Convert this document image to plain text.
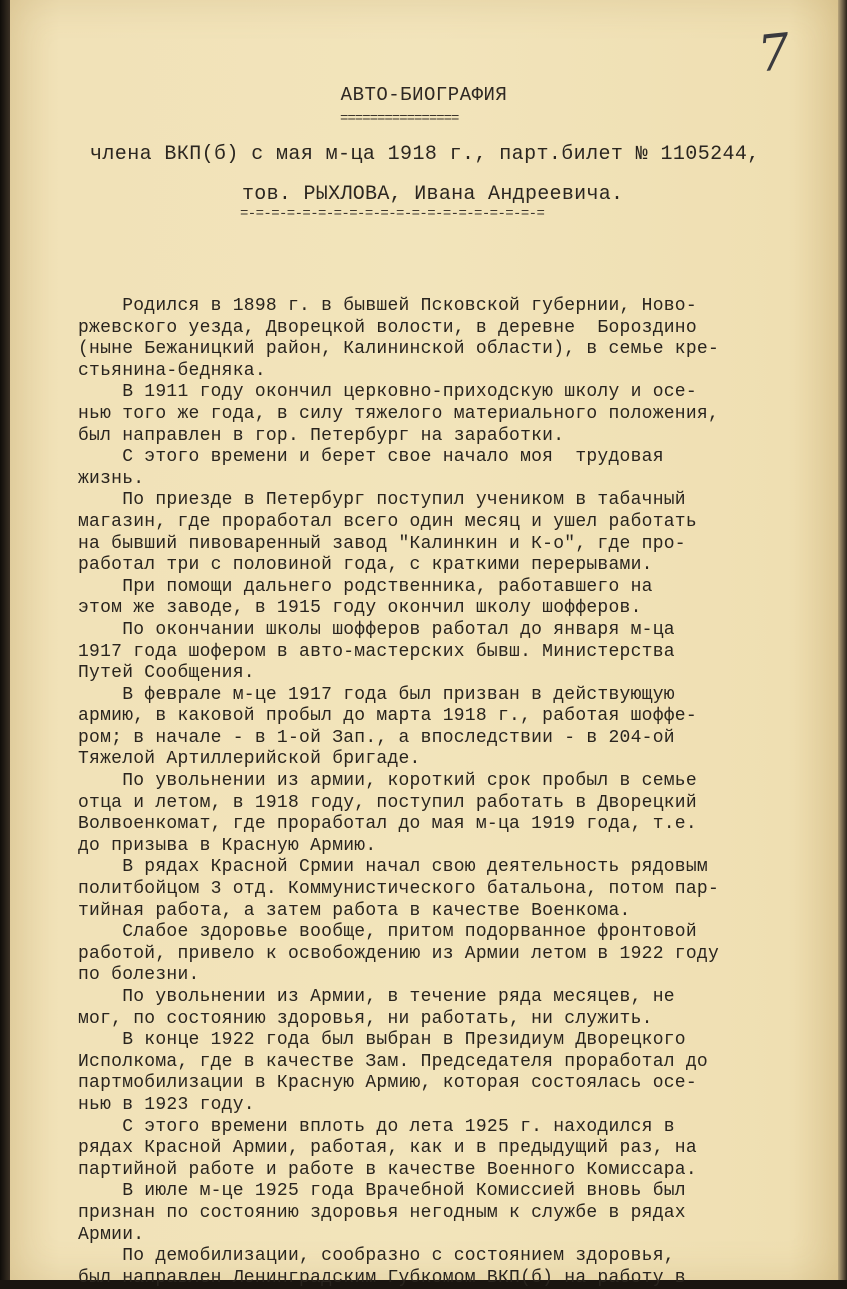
7
АВТО-БИОГРАФИЯ
================
члена ВКП(б) с мая м-ца 1918 г., парт.билет № 1105244,
тов. РЫХЛОВА, Ивана Андреевича.
=-=-=-=-=-=-=-=-=-=-=-=-=-=-=-=-=-=-=-=
Родился в 1898 г. в бывшей Псковской губернии, Ново-
ржевского уезда, Дворецкой волости, в деревне  Бороздино
(ныне Бежаницкий район, Калининской области), в семье кре-
стьянина-бедняка.
В 1911 году окончил церковно-приходскую школу и осе-
нью того же года, в силу тяжелого материального положения,
был направлен в гор. Петербург на заработки.
С этого времени и берет свое начало моя  трудовая
жизнь.
По приезде в Петербург поступил учеником в табачный
магазин, где проработал всего один месяц и ушел работать
на бывший пивоваренный завод "Калинкин и К-о", где про-
работал три с половиной года, с краткими перерывами.
При помощи дальнего родственника, работавшего на
этом же заводе, в 1915 году окончил школу шофферов.
По окончании школы шофферов работал до января м-ца
1917 года шофером в авто-мастерских бывш. Министерства
Путей Сообщения.
В феврале м-це 1917 года был призван в действующую
армию, в каковой пробыл до марта 1918 г., работая шоффе-
ром; в начале - в 1-ой Зап., а впоследствии - в 204-ой
Тяжелой Артиллерийской бригаде.
По увольнении из армии, короткий срок пробыл в семье
отца и летом, в 1918 году, поступил работать в Дворецкий
Волвоенкомат, где проработал до мая м-ца 1919 года, т.е.
до призыва в Красную Армию.
В рядах Красной Срмии начал свою деятельность рядовым
политбойцом 3 отд. Коммунистического батальона, потом пар-
тийная работа, а затем работа в качестве Военкома.
Слабое здоровье вообще, притом подорванное фронтовой
работой, привело к освобождению из Армии летом в 1922 году
по болезни.
По увольнении из Армии, в течение ряда месяцев, не
мог, по состоянию здоровья, ни работать, ни служить.
В конце 1922 года был выбран в Президиум Дворецкого
Исполкома, где в качестве Зам. Председателя проработал до
партмобилизации в Красную Армию, которая состоялась осе-
нью в 1923 году.
С этого времени вплоть до лета 1925 г. находился в
рядах Красной Армии, работая, как и в предыдущий раз, на
партийной работе и работе в качестве Военного Комиссара.
В июле м-це 1925 года Врачебной Комиссией вновь был
признан по состоянию здоровья негодным к службе в рядах
Армии.
По демобилизации, сообразно с состоянием здоровья,
был направлен Ленинградским Губкомом ВКП(б) на работу в
